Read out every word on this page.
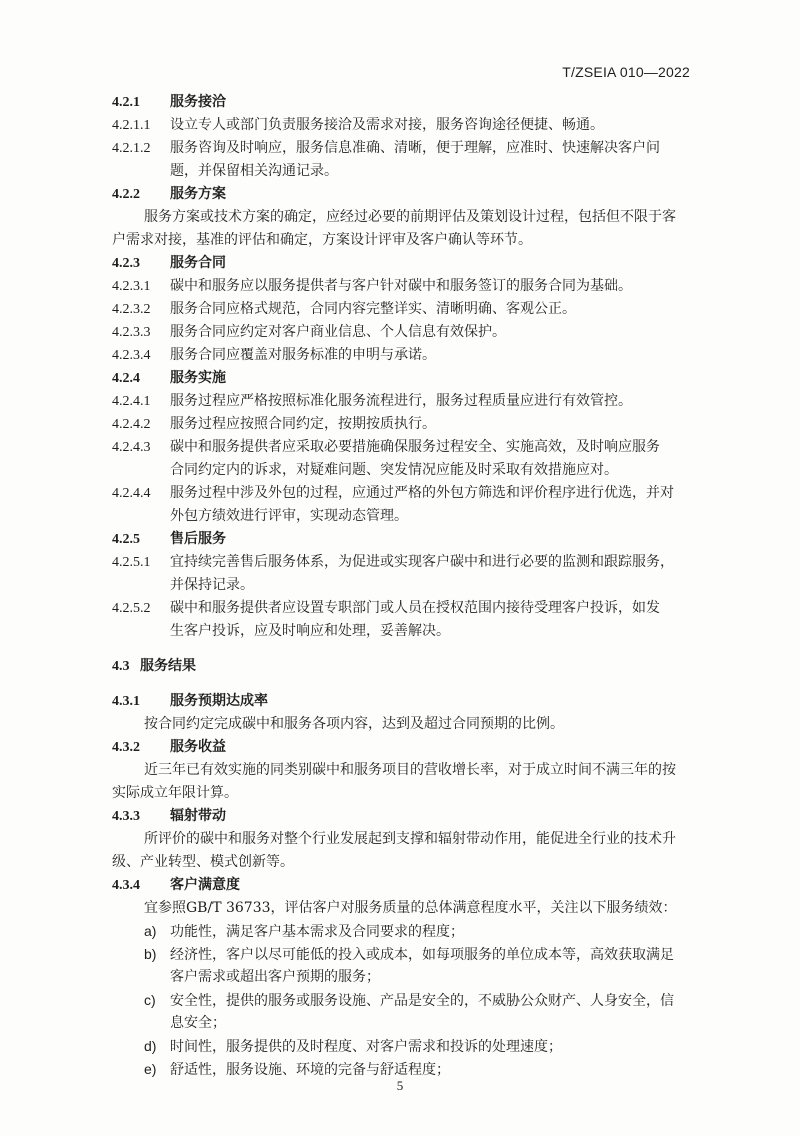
T/ZSEIA 010—2022
4.2.1 服务接洽
4.2.1.1 设立专人或部门负责服务接洽及需求对接，服务咨询途径便捷、畅通。
4.2.1.2 服务咨询及时响应，服务信息准确、清晰，便于理解，应准时、快速解决客户问
题，并保留相关沟通记录。
4.2.2 服务方案
服务方案或技术方案的确定，应经过必要的前期评估及策划设计过程，包括但不限于客
户需求对接，基准的评估和确定，方案设计评审及客户确认等环节。
4.2.3 服务合同
4.2.3.1 碳中和服务应以服务提供者与客户针对碳中和服务签订的服务合同为基础。
4.2.3.2 服务合同应格式规范，合同内容完整详实、清晰明确、客观公正。
4.2.3.3 服务合同应约定对客户商业信息、个人信息有效保护。
4.2.3.4 服务合同应覆盖对服务标准的申明与承诺。
4.2.4 服务实施
4.2.4.1 服务过程应严格按照标准化服务流程进行，服务过程质量应进行有效管控。
4.2.4.2 服务过程应按照合同约定，按期按质执行。
4.2.4.3 碳中和服务提供者应采取必要措施确保服务过程安全、实施高效，及时响应服务
合同约定内的诉求，对疑难问题、突发情况应能及时采取有效措施应对。
4.2.4.4 服务过程中涉及外包的过程，应通过严格的外包方筛选和评价程序进行优选，并对
外包方绩效进行评审，实现动态管理。
4.2.5 售后服务
4.2.5.1 宜持续完善售后服务体系，为促进或实现客户碳中和进行必要的监测和跟踪服务，
并保持记录。
4.2.5.2 碳中和服务提供者应设置专职部门或人员在授权范围内接待受理客户投诉，如发
生客户投诉，应及时响应和处理，妥善解决。
4.3 服务结果
4.3.1 服务预期达成率
按合同约定完成碳中和服务各项内容，达到及超过合同预期的比例。
4.3.2 服务收益
近三年已有效实施的同类别碳中和服务项目的营收增长率，对于成立时间不满三年的按
实际成立年限计算。
4.3.3 辐射带动
所评价的碳中和服务对整个行业发展起到支撑和辐射带动作用，能促进全行业的技术升
级、产业转型、模式创新等。
4.3.4 客户满意度
宜参照GB/T 36733，评估客户对服务质量的总体满意程度水平，关注以下服务绩效：
a) 功能性，满足客户基本需求及合同要求的程度；
b) 经济性，客户以尽可能低的投入或成本，如每项服务的单位成本等，高效获取满足
客户需求或超出客户预期的服务；
c) 安全性，提供的服务或服务设施、产品是安全的，不威胁公众财产、人身安全，信
息安全；
d) 时间性，服务提供的及时程度、对客户需求和投诉的处理速度；
e) 舒适性，服务设施、环境的完备与舒适程度；
5
